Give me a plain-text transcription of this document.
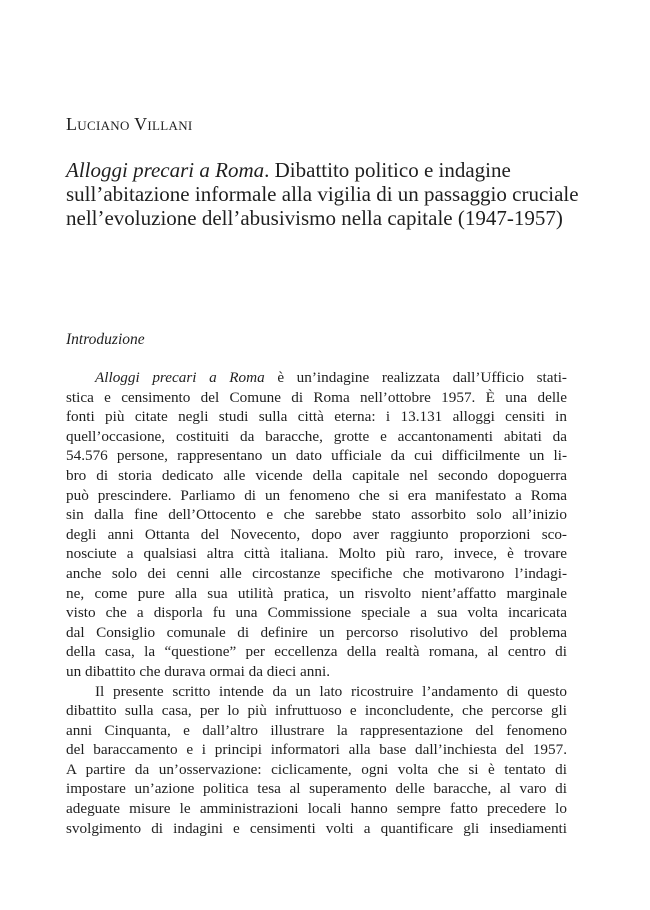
Luciano Villani
Alloggi precari a Roma. Dibattito politico e indagine
sull’abitazione informale alla vigilia di un passaggio cruciale
nell’evoluzione dell’abusivismo nella capitale (1947-1957)
Introduzione
Alloggi precari a Roma è un’indagine realizzata dall’Ufficio stati-
stica e censimento del Comune di Roma nell’ottobre 1957. È una delle
fonti più citate negli studi sulla città eterna: i 13.131 alloggi censiti in
quell’occasione, costituiti da baracche, grotte e accantonamenti abitati da
54.576 persone, rappresentano un dato ufficiale da cui difficilmente un li-
bro di storia dedicato alle vicende della capitale nel secondo dopoguerra
può prescindere. Parliamo di un fenomeno che si era manifestato a Roma
sin dalla fine dell’Ottocento e che sarebbe stato assorbito solo all’inizio
degli anni Ottanta del Novecento, dopo aver raggiunto proporzioni sco-
nosciute a qualsiasi altra città italiana. Molto più raro, invece, è trovare
anche solo dei cenni alle circostanze specifiche che motivarono l’indagi-
ne, come pure alla sua utilità pratica, un risvolto nient’affatto marginale
visto che a disporla fu una Commissione speciale a sua volta incaricata
dal Consiglio comunale di definire un percorso risolutivo del problema
della casa, la “questione” per eccellenza della realtà romana, al centro di
un dibattito che durava ormai da dieci anni.
Il presente scritto intende da un lato ricostruire l’andamento di questo
dibattito sulla casa, per lo più infruttuoso e inconcludente, che percorse gli
anni Cinquanta, e dall’altro illustrare la rappresentazione del fenomeno
del baraccamento e i principi informatori alla base dall’inchiesta del 1957.
A partire da un’osservazione: ciclicamente, ogni volta che si è tentato di
impostare un’azione politica tesa al superamento delle baracche, al varo di
adeguate misure le amministrazioni locali hanno sempre fatto precedere lo
svolgimento di indagini e censimenti volti a quantificare gli insediamenti
